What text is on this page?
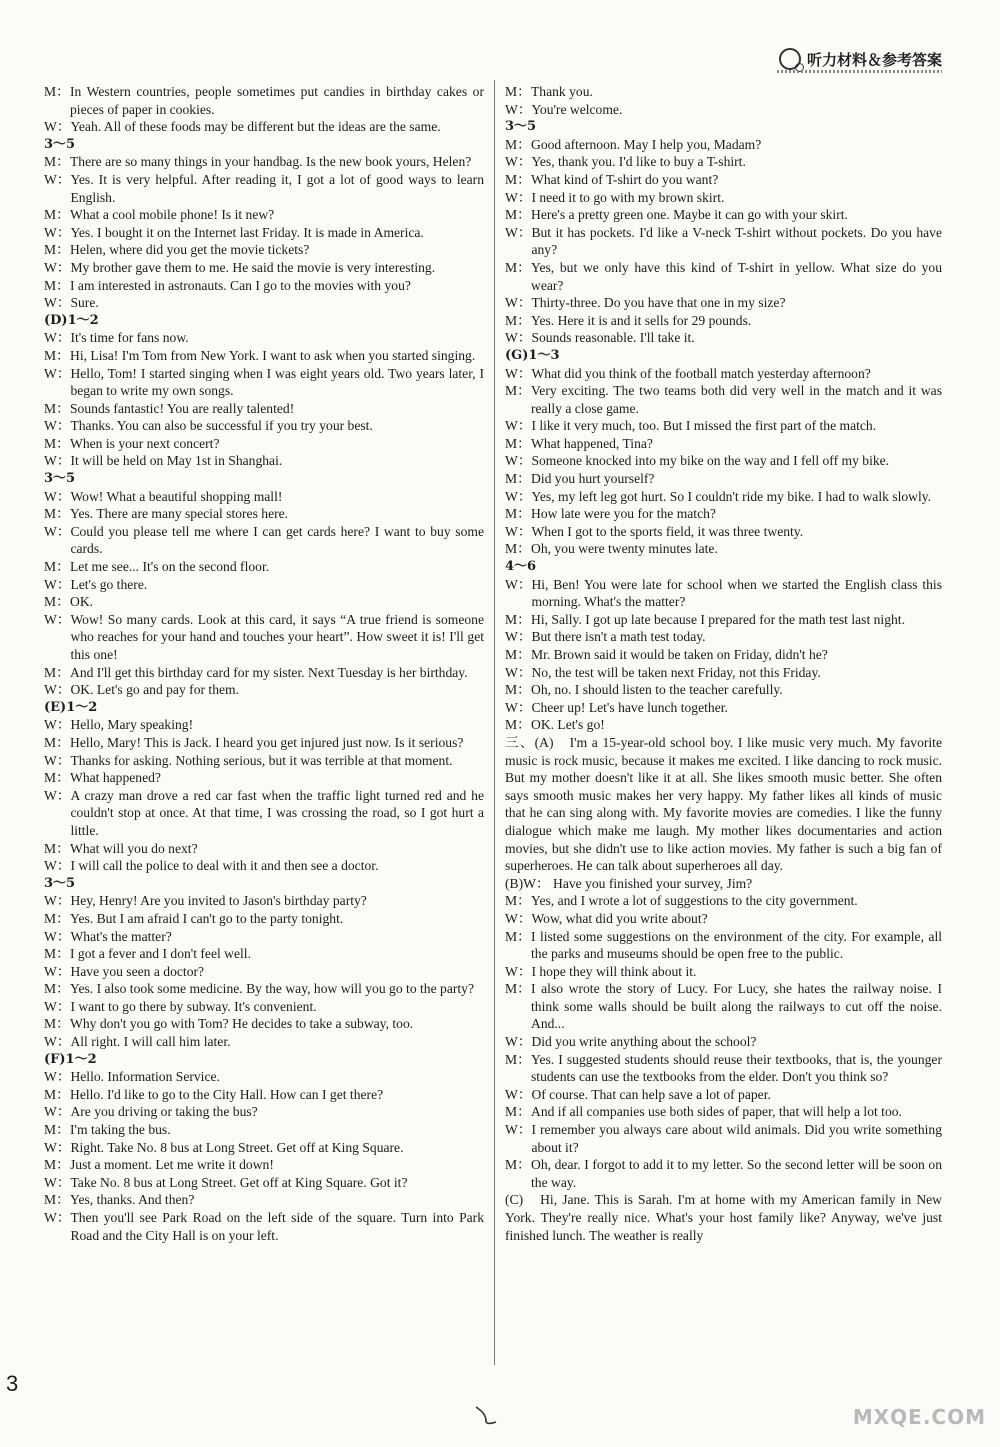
听力材料＆参考答案
M： In Western countries, people sometimes put candies in birthday cakes or pieces of paper in cookies.
W： Yeah. All of these foods may be different but the ideas are the same.
3～5
M： There are so many things in your handbag. Is the new book yours, Helen?
W： Yes. It is very helpful. After reading it, I got a lot of good ways to learn English.
M： What a cool mobile phone! Is it new?
W： Yes. I bought it on the Internet last Friday. It is made in America.
M： Helen, where did you get the movie tickets?
W： My brother gave them to me. He said the movie is very interesting.
M： I am interested in astronauts. Can I go to the movies with you?
W： Sure.
(D)1～2
W： It's time for fans now.
M： Hi, Lisa! I'm Tom from New York. I want to ask when you started singing.
W： Hello, Tom! I started singing when I was eight years old. Two years later, I began to write my own songs.
M： Sounds fantastic! You are really talented!
W： Thanks. You can also be successful if you try your best.
M： When is your next concert?
W： It will be held on May 1st in Shanghai.
3～5
W： Wow! What a beautiful shopping mall!
M： Yes. There are many special stores here.
W： Could you please tell me where I can get cards here? I want to buy some cards.
M： Let me see... It's on the second floor.
W： Let's go there.
M： OK.
W： Wow! So many cards. Look at this card, it says “A true friend is someone who reaches for your hand and touches your heart”. How sweet it is! I'll get this one!
M： And I'll get this birthday card for my sister. Next Tuesday is her birthday.
W： OK. Let's go and pay for them.
(E)1～2
W： Hello, Mary speaking!
M： Hello, Mary! This is Jack. I heard you get injured just now. Is it serious?
W： Thanks for asking. Nothing serious, but it was terrible at that moment.
M： What happened?
W： A crazy man drove a red car fast when the traffic light turned red and he couldn't stop at once. At that time, I was crossing the road, so I got hurt a little.
M： What will you do next?
W： I will call the police to deal with it and then see a doctor.
3～5
W： Hey, Henry! Are you invited to Jason's birthday party?
M： Yes. But I am afraid I can't go to the party tonight.
W： What's the matter?
M： I got a fever and I don't feel well.
W： Have you seen a doctor?
M： Yes. I also took some medicine. By the way, how will you go to the party?
W： I want to go there by subway. It's convenient.
M： Why don't you go with Tom? He decides to take a subway, too.
W： All right. I will call him later.
(F)1～2
W： Hello. Information Service.
M： Hello. I'd like to go to the City Hall. How can I get there?
W： Are you driving or taking the bus?
M： I'm taking the bus.
W： Right. Take No. 8 bus at Long Street. Get off at King Square.
M： Just a moment. Let me write it down!
W： Take No. 8 bus at Long Street. Get off at King Square. Got it?
M： Yes, thanks. And then?
W： Then you'll see Park Road on the left side of the square. Turn into Park Road and the City Hall is on your left.
M： Thank you.
W： You're welcome.
3～5
M： Good afternoon. May I help you, Madam?
W： Yes, thank you. I'd like to buy a T-shirt.
M： What kind of T-shirt do you want?
W： I need it to go with my brown skirt.
M： Here's a pretty green one. Maybe it can go with your skirt.
W： But it has pockets. I'd like a V-neck T-shirt without pockets. Do you have any?
M： Yes, but we only have this kind of T-shirt in yellow. What size do you wear?
W： Thirty-three. Do you have that one in my size?
M： Yes. Here it is and it sells for 29 pounds.
W： Sounds reasonable. I'll take it.
(G)1～3
W： What did you think of the football match yesterday afternoon?
M： Very exciting. The two teams both did very well in the match and it was really a close game.
W： I like it very much, too. But I missed the first part of the match.
M： What happened, Tina?
W： Someone knocked into my bike on the way and I fell off my bike.
M： Did you hurt yourself?
W： Yes, my left leg got hurt. So I couldn't ride my bike. I had to walk slowly.
M： How late were you for the match?
W： When I got to the sports field, it was three twenty.
M： Oh, you were twenty minutes late.
4～6
W： Hi, Ben! You were late for school when we started the English class this morning. What's the matter?
M： Hi, Sally. I got up late because I prepared for the math test last night.
W： But there isn't a math test today.
M： Mr. Brown said it would be taken on Friday, didn't he?
W： No, the test will be taken next Friday, not this Friday.
M： Oh, no. I should listen to the teacher carefully.
W： Cheer up! Let's have lunch together.
M： OK. Let's go!
三、(A)　I'm a 15-year-old school boy. I like music very much. My favorite music is rock music, because it makes me excited. I like dancing to rock music. But my mother doesn't like it at all. She likes smooth music better. She often says smooth music makes her very happy. My father likes all kinds of music that he can sing along with. My favorite movies are comedies. I like the funny dialogue which make me laugh. My mother likes documentaries and action movies, but she didn't use to like action movies. My father is such a big fan of superheroes. He can talk about superheroes all day.
(B)W： Have you finished your survey, Jim?
M： Yes, and I wrote a lot of suggestions to the city government.
W： Wow, what did you write about?
M： I listed some suggestions on the environment of the city. For example, all the parks and museums should be open free to the public.
W： I hope they will think about it.
M： I also wrote the story of Lucy. For Lucy, she hates the railway noise. I think some walls should be built along the railways to cut off the noise. And...
W： Did you write anything about the school?
M： Yes. I suggested students should reuse their textbooks, that is, the younger students can use the textbooks from the elder. Don't you think so?
W： Of course. That can help save a lot of paper.
M： And if all companies use both sides of paper, that will help a lot too.
W： I remember you always care about wild animals. Did you write something about it?
M： Oh, dear. I forgot to add it to my letter. So the second letter will be soon on the way.
(C)　Hi, Jane. This is Sarah. I'm at home with my American family in New York. They're really nice. What's your host family like? Anyway, we've just finished lunch. The weather is really
3
MXQE.COM
